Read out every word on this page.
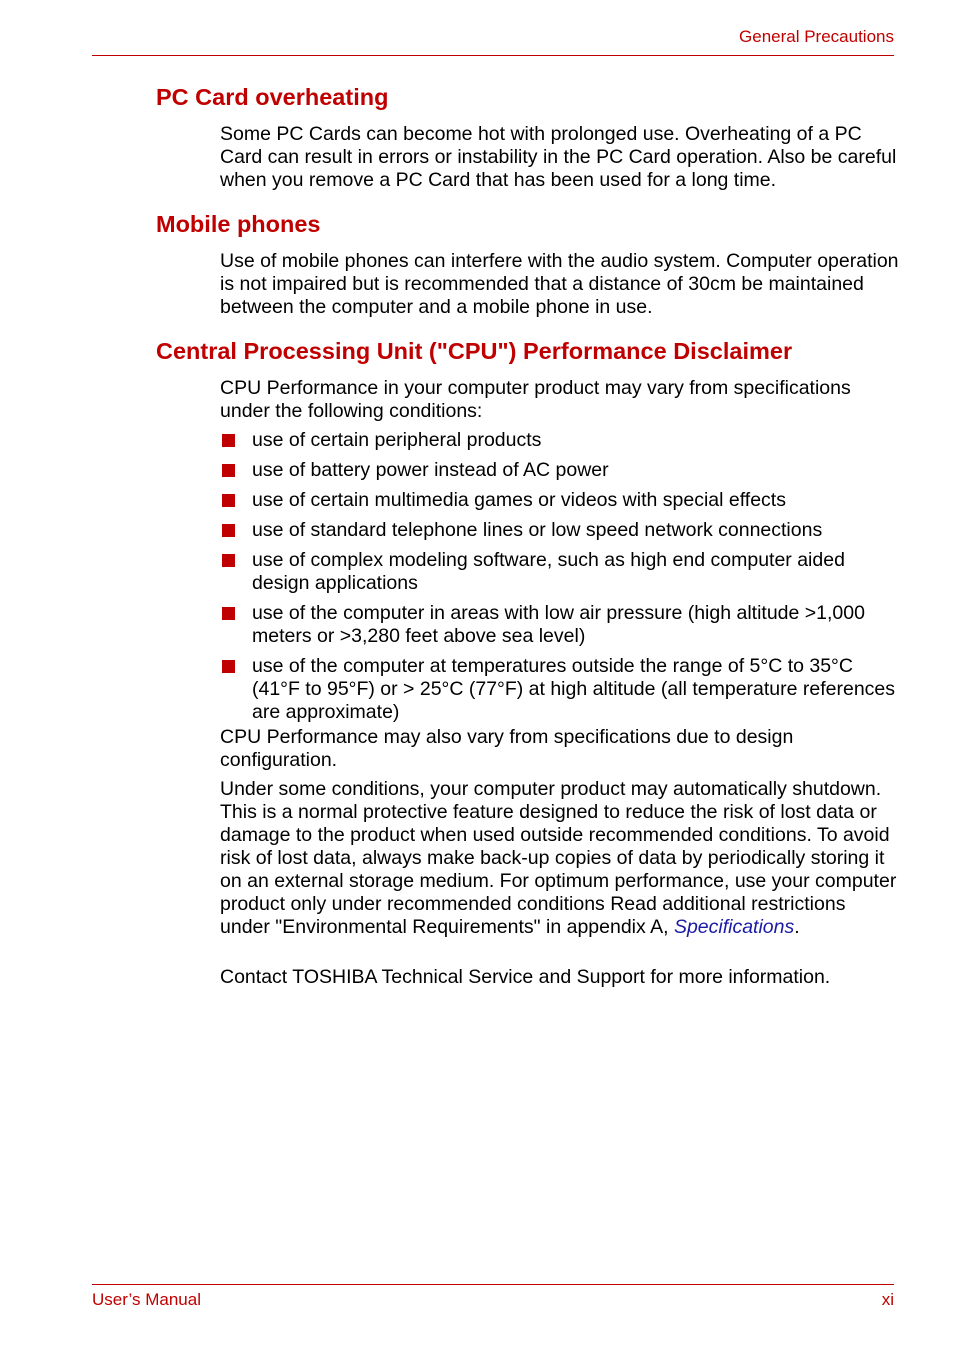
General Precautions
PC Card overheating

Some PC Cards can become hot with prolonged use. Overheating of a PC Card can result in errors or instability in the PC Card operation. Also be careful when you remove a PC Card that has been used for a long time.

Mobile phones

Use of mobile phones can interfere with the audio system. Computer operation is not impaired but is recommended that a distance of 30cm be maintained between the computer and a mobile phone in use.

Central Processing Unit ("CPU") Performance Disclaimer

CPU Performance in your computer product may vary from specifications under the following conditions:

use of certain peripheral products
use of battery power instead of AC power
use of certain multimedia games or videos with special effects
use of standard telephone lines or low speed network connections
use of complex modeling software, such as high end computer aided design applications
use of the computer in areas with low air pressure (high altitude >1,000 meters or >3,280 feet above sea level)
use of the computer at temperatures outside the range of 5°C to 35°C (41°F to 95°F) or > 25°C (77°F) at high altitude (all temperature references are approximate)

CPU Performance may also vary from specifications due to design configuration.

Under some conditions, your computer product may automatically shutdown. This is a normal protective feature designed to reduce the risk of lost data or damage to the product when used outside recommended conditions. To avoid risk of lost data, always make back-up copies of data by periodically storing it on an external storage medium. For optimum performance, use your computer product only under recommended conditions Read additional restrictions under "Environmental Requirements" in appendix A, Specifications.

Contact TOSHIBA Technical Service and Support for more information.

User’s Manual	xi
